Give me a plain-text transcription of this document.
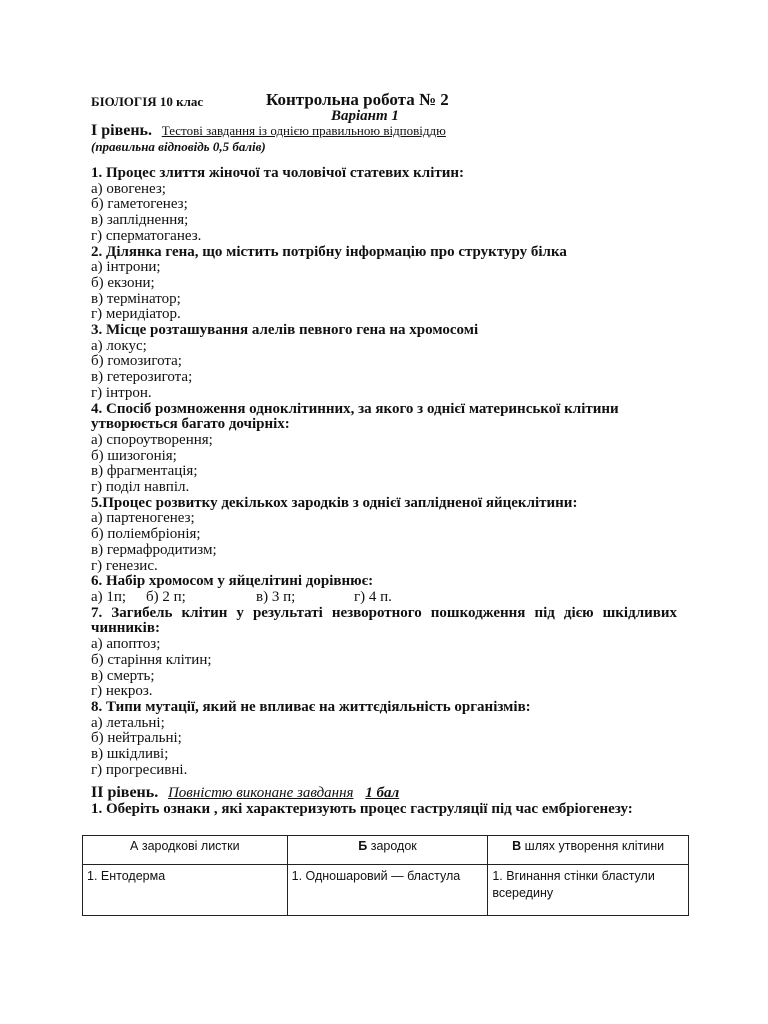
БІОЛОГІЯ 10 клас	Контрольна робота № 2
Варіант 1
І рівень. Тестові завдання із однією правильною відповіддю
(правильна відповідь 0,5 балів)
1. Процес злиття жіночої та чоловічої статевих клітин:
а) овогенез;
б) гаметогенез;
в) запліднення;
г) сперматоганез.
2. Ділянка гена, що містить потрібну інформацію про структуру білка
а) інтрони;
б) екзони;
в) термінатор;
г) меридіатор.
3. Місце розташування алелів певного гена на хромосомі
а) локус;
б) гомозигота;
в) гетерозигота;
г) інтрон.
4. Спосіб розмноження одноклітинних, за якого з однієї материнської клітини утворюється багато дочірніх:
а) спороутворення;
б) шизогонія;
в) фрагментація;
г) поділ навпіл.
5.Процес розвитку декількох зародків з однієї заплідненої яйцеклітини:
а) партеногенез;
б) поліембріонія;
в) гермафродитизм;
г) генезис.
6. Набір хромосом у яйцелітині дорівнює:
а) 1п;	б) 2 п;	в) 3 п;	г) 4 п.
7. Загибель клітин у результаті незворотного пошкодження під дією шкідливих чинників:
а) апоптоз;
б) старіння клітин;
в) смерть;
г) некроз.
8. Типи мутації, який не впливає на життєдіяльність організмів:
а) летальні;
б) нейтральні;
в) шкідливі;
г) прогресивні.
ІІ рівень. Повністю виконане завдання 1 бал
1. Оберіть ознаки , які характеризують процес гаструляції під час ембріогенезу:
А зародкові листки	Б зародок	В шлях утворення клітини
1. Ентодерма	1. Одношаровий — бластула	1. Вгинання стінки бластули всередину
